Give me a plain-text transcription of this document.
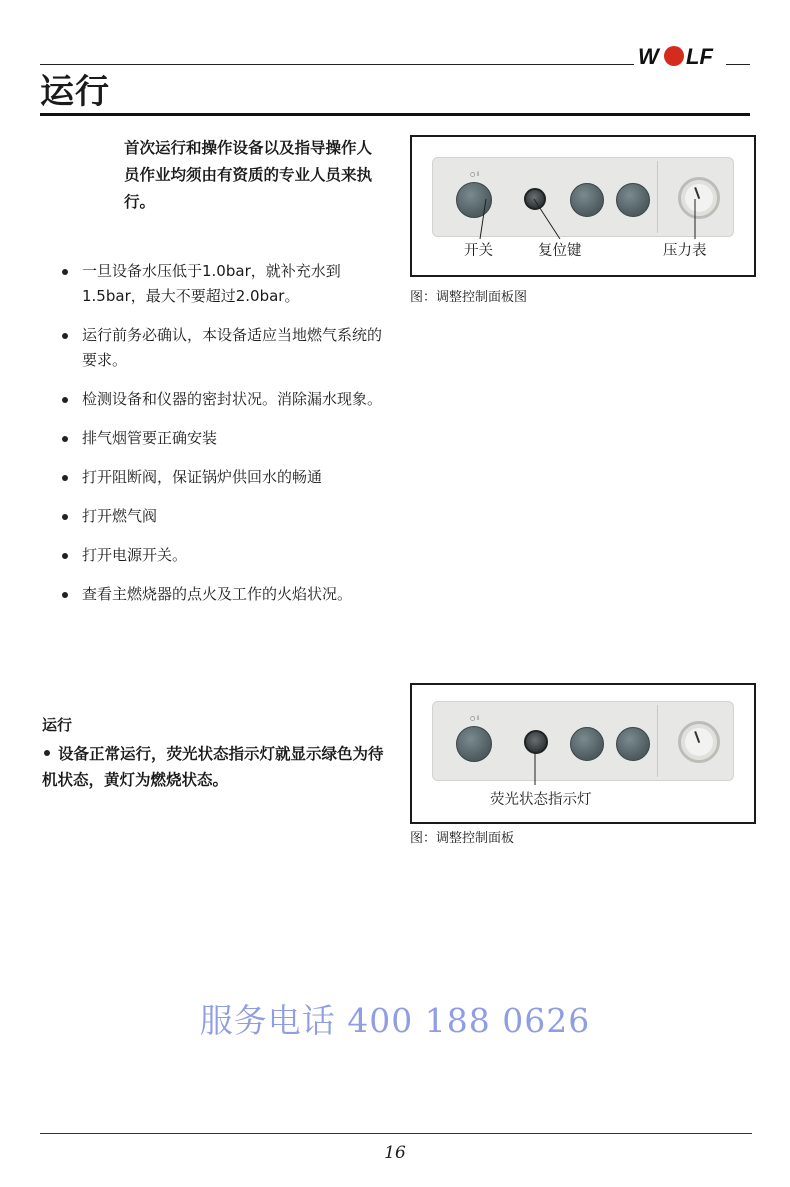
W LF
运行
首次运行和操作设备以及指导操作人员作业均须由有资质的专业人员来执行。
一旦设备水压低于1.0bar，就补充水到1.5bar，最大不要超过2.0bar。
运行前务必确认，本设备适应当地燃气系统的要求。
检测设备和仪器的密封状况。消除漏水现象。
排气烟管要正确安装
打开阻断阀，保证锅炉供回水的畅通
打开燃气阀
打开电源开关。
查看主燃烧器的点火及工作的火焰状况。
○ I
开关	复位键	压力表
图：调整控制面板图
运行
设备正常运行，荧光状态指示灯就显示绿色为待机状态，黄灯为燃烧状态。
○ I
荧光状态指示灯
图：调整控制面板
服务电话 400 188 0626
16
